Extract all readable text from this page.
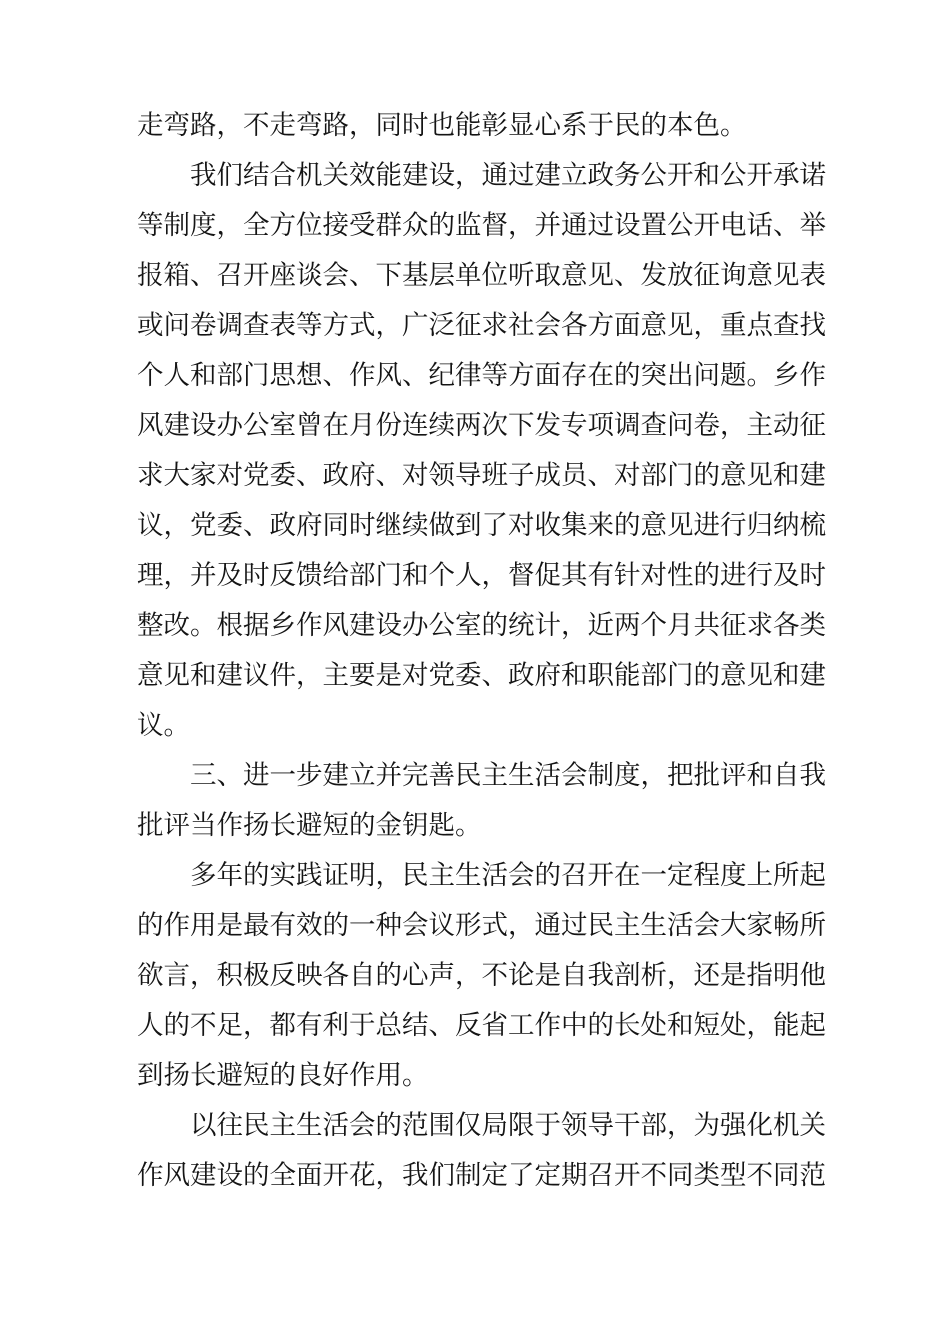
走弯路，不走弯路，同时也能彰显心系于民的本色。
我们结合机关效能建设，通过建立政务公开和公开承诺
等制度，全方位接受群众的监督，并通过设置公开电话、举
报箱、召开座谈会、下基层单位听取意见、发放征询意见表
或问卷调查表等方式，广泛征求社会各方面意见，重点查找
个人和部门思想、作风、纪律等方面存在的突出问题。乡作
风建设办公室曾在月份连续两次下发专项调查问卷，主动征
求大家对党委、政府、对领导班子成员、对部门的意见和建
议，党委、政府同时继续做到了对收集来的意见进行归纳梳
理，并及时反馈给部门和个人，督促其有针对性的进行及时
整改。根据乡作风建设办公室的统计，近两个月共征求各类
意见和建议件，主要是对党委、政府和职能部门的意见和建
议。
三、进一步建立并完善民主生活会制度，把批评和自我
批评当作扬长避短的金钥匙。
多年的实践证明，民主生活会的召开在一定程度上所起
的作用是最有效的一种会议形式，通过民主生活会大家畅所
欲言，积极反映各自的心声，不论是自我剖析，还是指明他
人的不足，都有利于总结、反省工作中的长处和短处，能起
到扬长避短的良好作用。
以往民主生活会的范围仅局限于领导干部，为强化机关
作风建设的全面开花，我们制定了定期召开不同类型不同范
